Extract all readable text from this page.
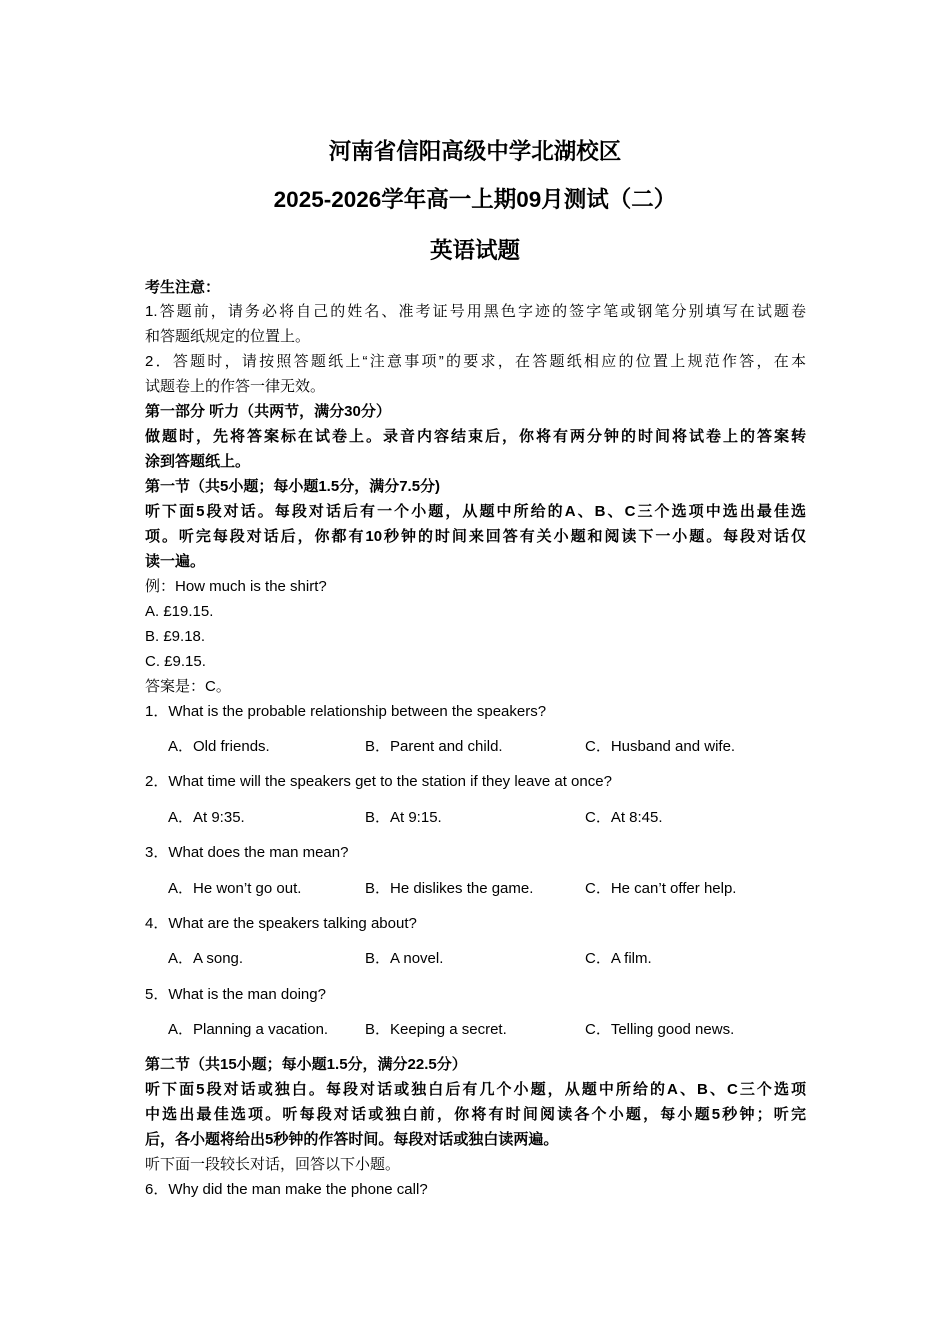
河南省信阳高级中学北湖校区
2025-2026学年高一上期09月测试（二）
英语试题
考生注意：
1.答题前，请务必将自己的姓名、准考证号用黑色字迹的签字笔或钢笔分别填写在试题卷
和答题纸规定的位置上。
2．答题时，请按照答题纸上“注意事项”的要求，在答题纸相应的位置上规范作答，在本
试题卷上的作答一律无效。
第一部分 听力（共两节，满分30分）
做题时，先将答案标在试卷上。录音内容结束后，你将有两分钟的时间将试卷上的答案转
涂到答题纸上。
第一节（共5小题；每小题1.5分，满分7.5分)
听下面5段对话。每段对话后有一个小题，从题中所给的A、B、C三个选项中选出最佳选
项。听完每段对话后，你都有10秒钟的时间来回答有关小题和阅读下一小题。每段对话仅
读一遍。
例：How much is the shirt?
A. £19.15.
B. £9.18.
C. £9.15.
答案是：C。
1．What is the probable relationship between the speakers?
A．Old friends.	B．Parent and child.	C．Husband and wife.
2．What time will the speakers get to the station if they leave at once?
A．At 9:35.	B．At 9:15.	C．At 8:45.
3．What does the man mean?
A．He won’t go out.	B．He dislikes the game.	C．He can’t offer help.
4．What are the speakers talking about?
A．A song.	B．A novel.	C．A film.
5．What is the man doing?
A．Planning a vacation. B．Keeping a secret.	C．Telling good news.
第二节（共15小题；每小题1.5分，满分22.5分）
听下面5段对话或独白。每段对话或独白后有几个小题，从题中所给的A、B、C三个选项
中选出最佳选项。听每段对话或独白前，你将有时间阅读各个小题，每小题5秒钟；听完
后，各小题将给出5秒钟的作答时间。每段对话或独白读两遍。
听下面一段较长对话，回答以下小题。
6．Why did the man make the phone call?
